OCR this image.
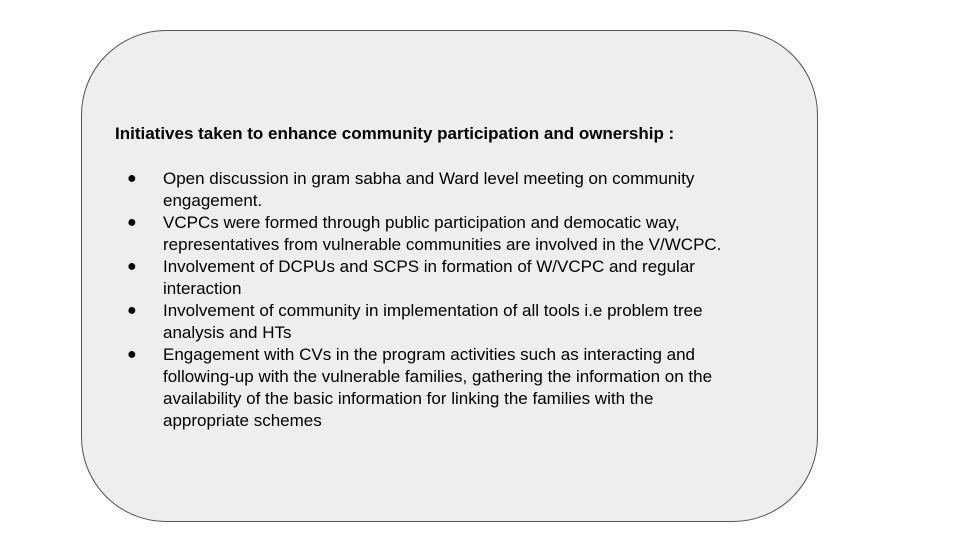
Initiatives taken to enhance community participation and ownership :

● Open discussion in gram sabha and Ward level meeting on community
engagement.
● VCPCs were formed through public participation and democatic way,
representatives from vulnerable communities are involved in the V/WCPC.
● Involvement of DCPUs and SCPS in formation of W/VCPC and regular
interaction
● Involvement of community in implementation of all tools i.e problem tree
analysis and HTs
● Engagement with CVs in the program activities such as interacting and
following-up with the vulnerable families, gathering the information on the
availability of the basic information for linking the families with the
appropriate schemes
